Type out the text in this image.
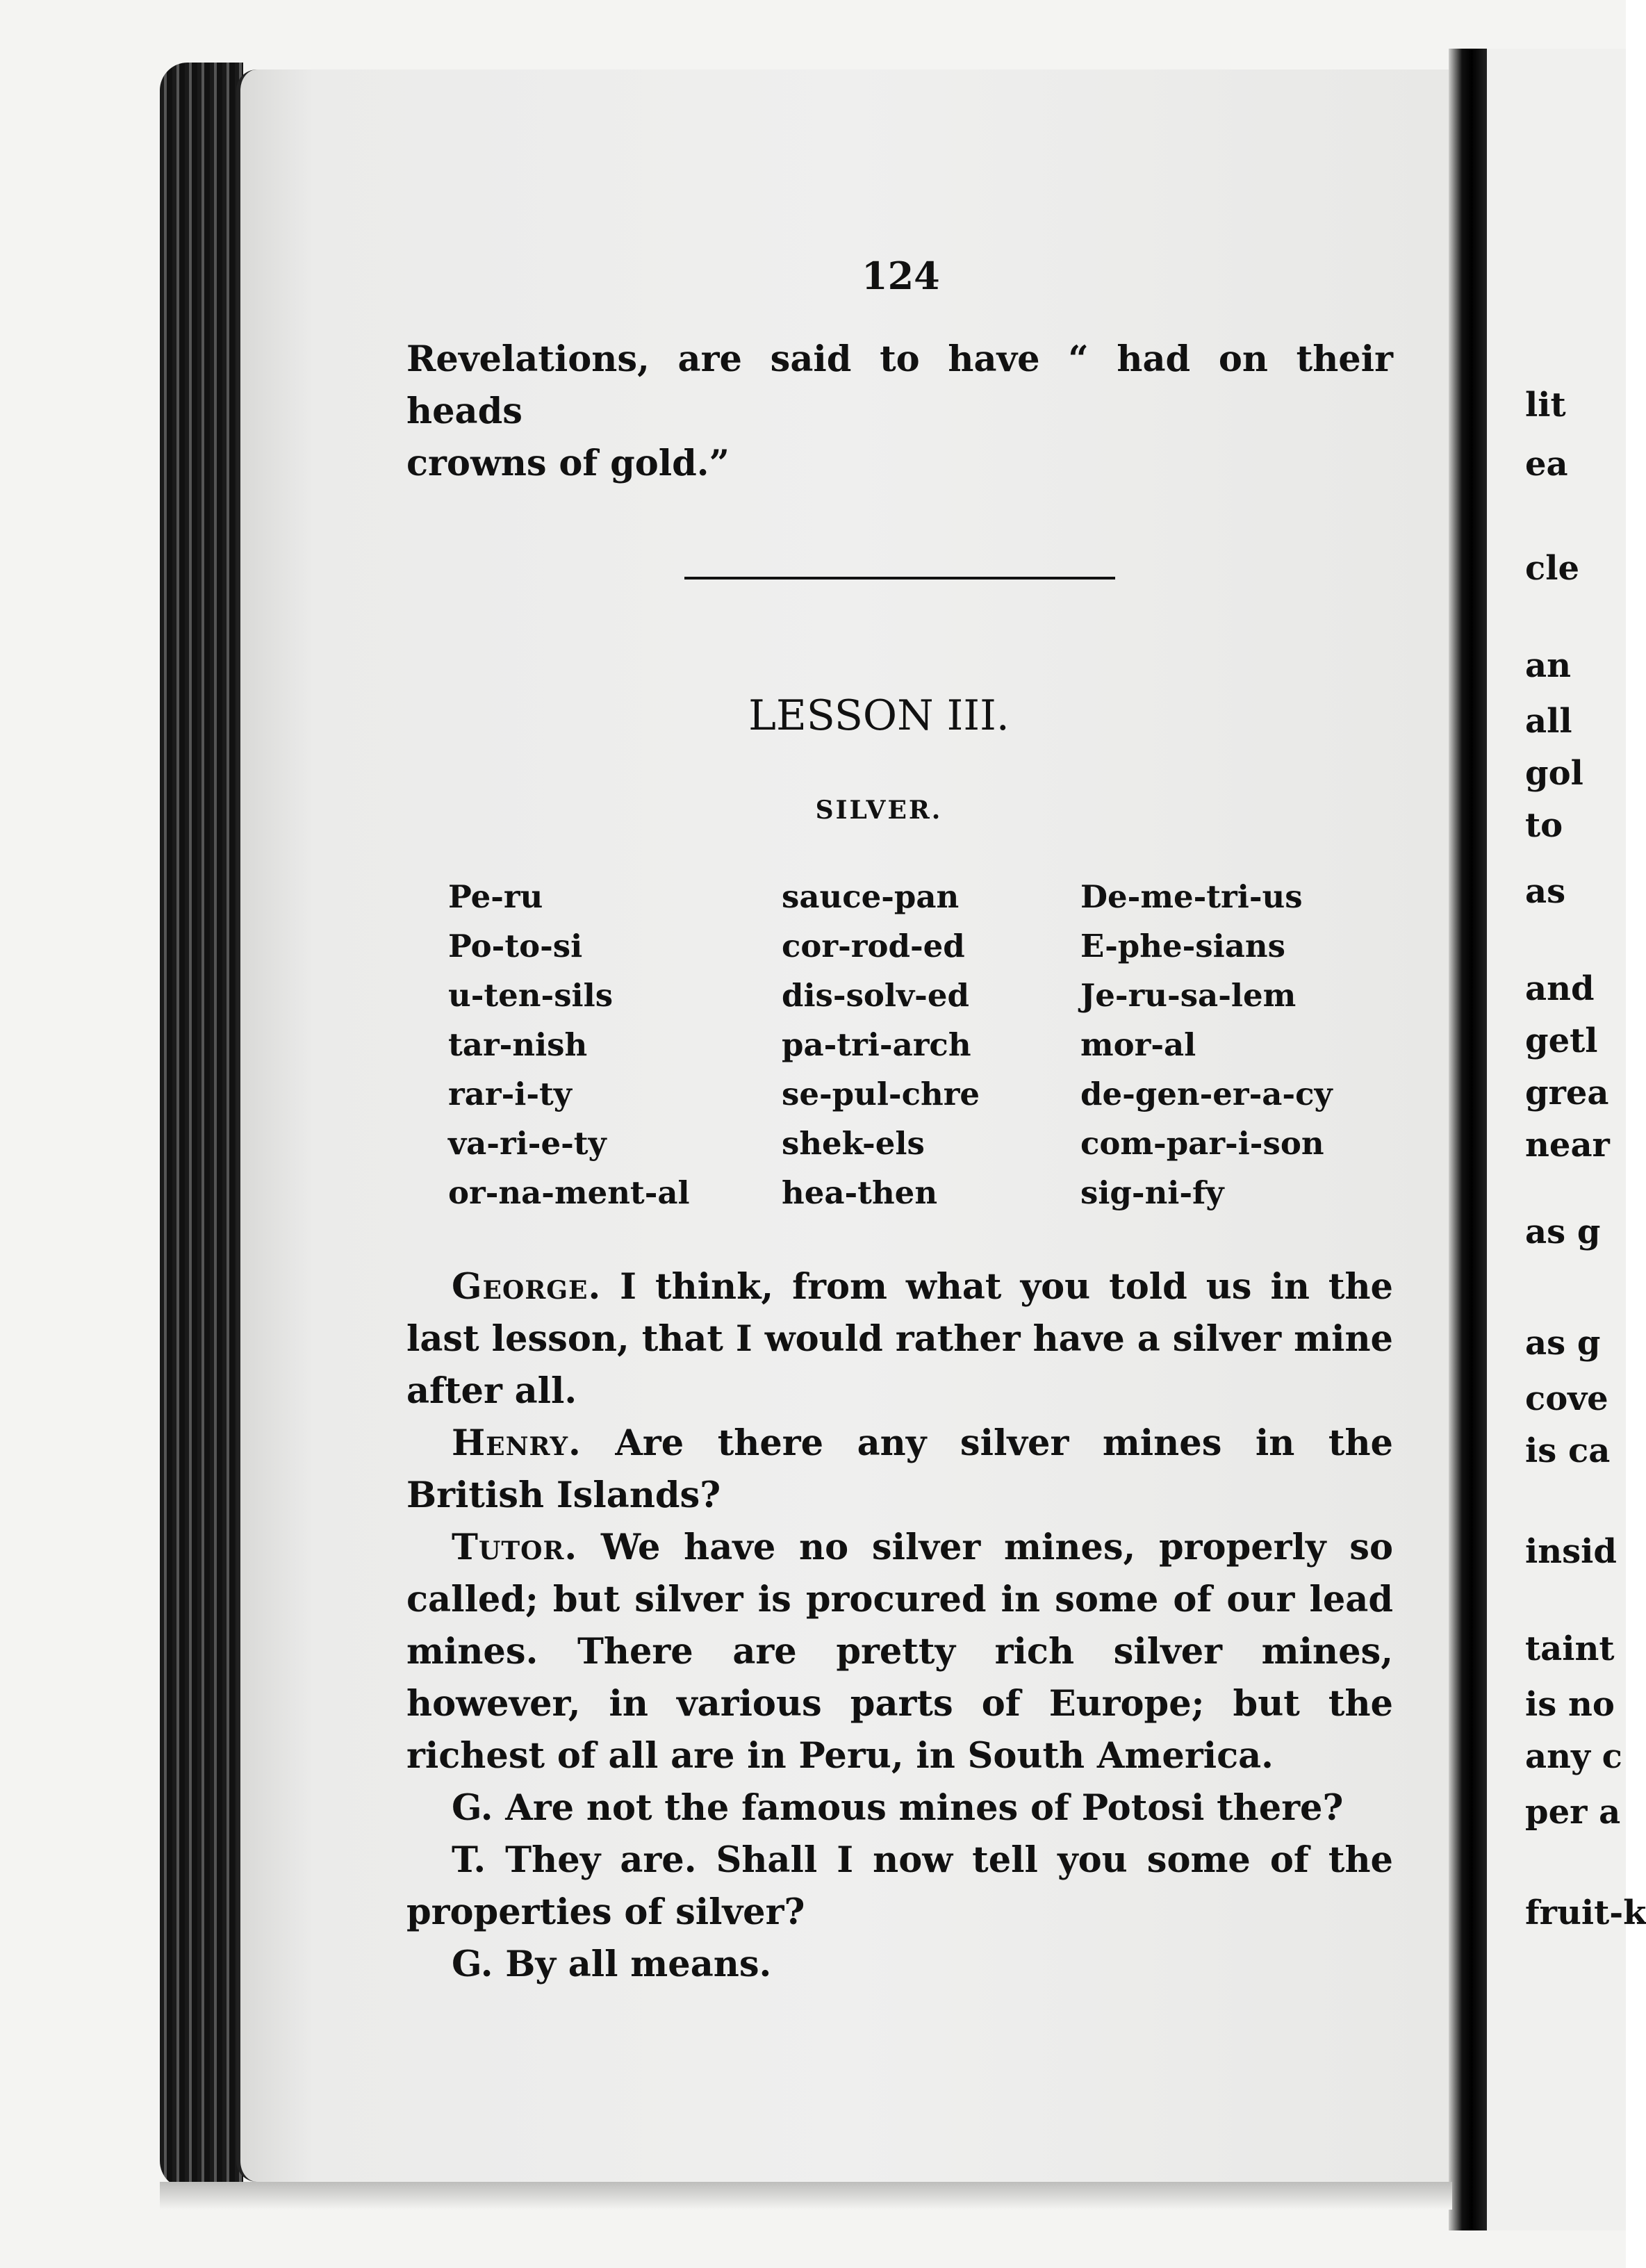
lit
ea
cle
an
all
gol
to
as
and
getl
grea
near
as g
as g
cove
is ca
insid
taint
is no
any c
per a
fruit-k
124

Revelations, are said to have “ had on their heads

crowns of gold.”

LESSON III.
SILVER.
Pe-ru
Po-to-si
u-ten-sils
tar-nish
rar-i-ty
va-ri-e-ty
or-na-ment-al
sauce-pan
cor-rod-ed
dis-solv-ed
pa-tri-arch
se-pul-chre
shek-els
hea-then
De-me-tri-us
E-phe-sians
Je-ru-sa-lem
mor-al
de-gen-er-a-cy
com-par-i-son
sig-ni-fy

George. I think, from what you told us in the last lesson, that I would rather have a silver mine after all.

Henry. Are there any silver mines in the British Islands?

Tutor. We have no silver mines, properly so called; but silver is procured in some of our lead mines. There are pretty rich silver mines, however, in various parts of Europe; but the richest of all are in Peru, in South America.

G. Are not the famous mines of Potosi there?

T. They are. Shall I now tell you some of the properties of silver?

G. By all means.
